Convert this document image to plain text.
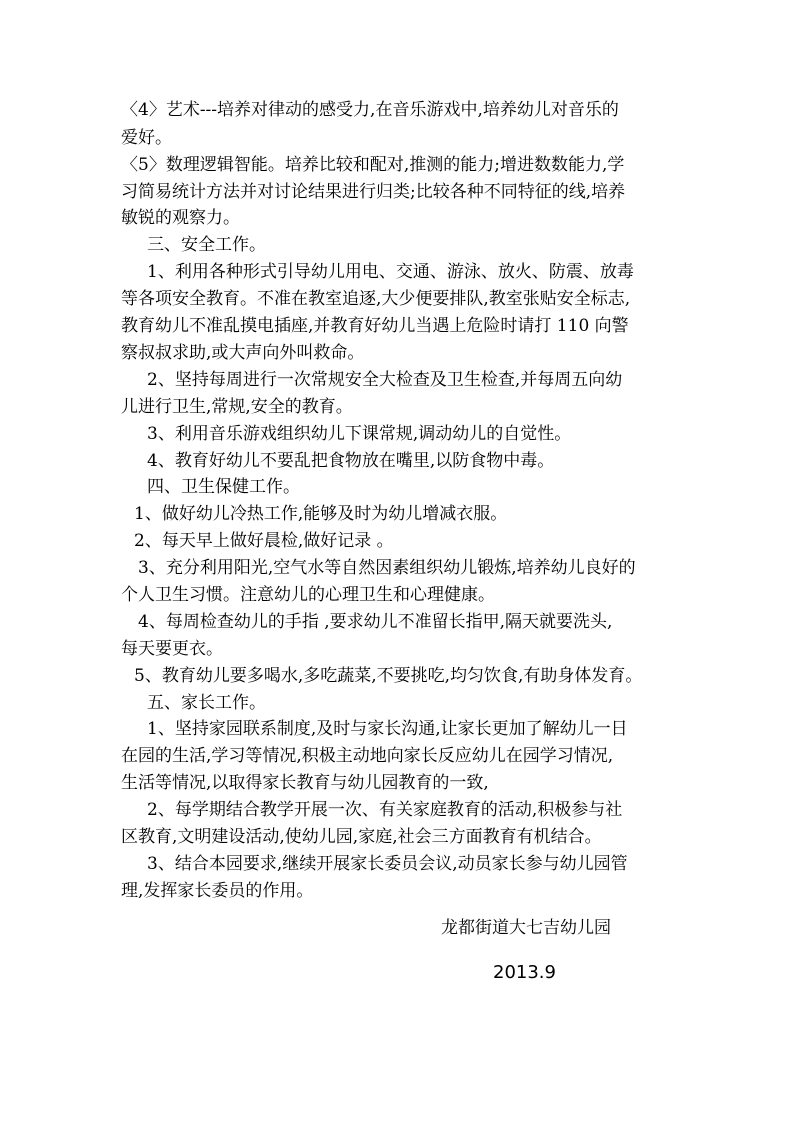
〈4〉艺术---培养对律动的感受力,在音乐游戏中,培养幼儿对音乐的
爱好。
〈5〉数理逻辑智能。培养比较和配对,推测的能力;增进数数能力,学
习简易统计方法并对讨论结果进行归类;比较各种不同特征的线,培养
敏锐的观察力。
三、安全工作。
1、利用各种形式引导幼儿用电、交通、游泳、放火、防震、放毒
等各项安全教育。不准在教室追逐,大少便要排队,教室张贴安全标志,
教育幼儿不准乱摸电插座,并教育好幼儿当遇上危险时请打 110 向警
察叔叔求助,或大声向外叫救命。
2、坚持每周进行一次常规安全大检查及卫生检查,并每周五向幼
儿进行卫生,常规,安全的教育。
3、利用音乐游戏组织幼儿下课常规,调动幼儿的自觉性。
4、教育好幼儿不要乱把食物放在嘴里,以防食物中毒。
四、卫生保健工作。
1、做好幼儿冷热工作,能够及时为幼儿增减衣服。
2、每天早上做好晨检,做好记录 。
3、充分利用阳光,空气水等自然因素组织幼儿锻炼,培养幼儿良好的
个人卫生习惯。注意幼儿的心理卫生和心理健康。
4、每周检查幼儿的手指 ,要求幼儿不准留长指甲,隔天就要洗头,
每天要更衣。
5、教育幼儿要多喝水,多吃蔬菜,不要挑吃,均匀饮食,有助身体发育。
五、家长工作。
1、坚持家园联系制度,及时与家长沟通,让家长更加了解幼儿一日
在园的生活,学习等情况,积极主动地向家长反应幼儿在园学习情况,
生活等情况,以取得家长教育与幼儿园教育的一致,
2、每学期结合教学开展一次、有关家庭教育的活动,积极参与社
区教育,文明建设活动,使幼儿园,家庭,社会三方面教育有机结合。
3、结合本园要求,继续开展家长委员会议,动员家长参与幼儿园管
理,发挥家长委员的作用。
龙都街道大七吉幼儿园
2013.9
